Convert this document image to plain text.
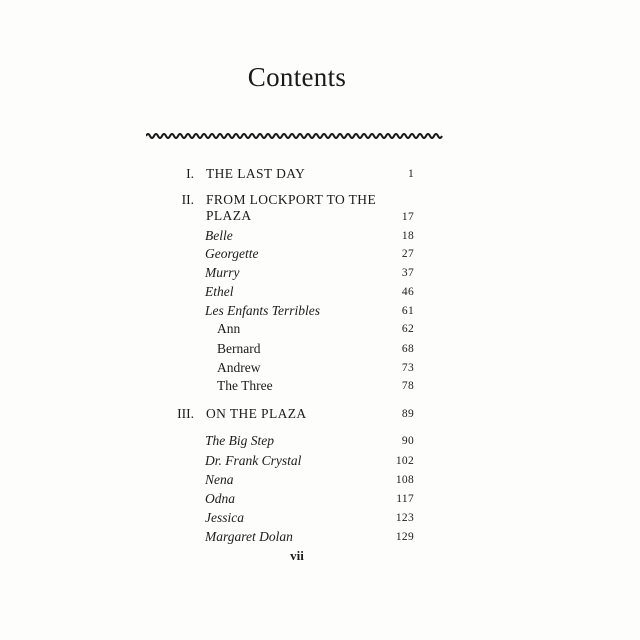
Contents
I. THE LAST DAY	1
II. FROM LOCKPORT TO THE
PLAZA	17
Belle	18
Georgette	27
Murry	37
Ethel	46
Les Enfants Terribles	61
Ann	62
Bernard	68
Andrew	73
The Three	78
III. ON THE PLAZA	89
The Big Step	90
Dr. Frank Crystal	102
Nena	108
Odna	117
Jessica	123
Margaret Dolan	129
vii
